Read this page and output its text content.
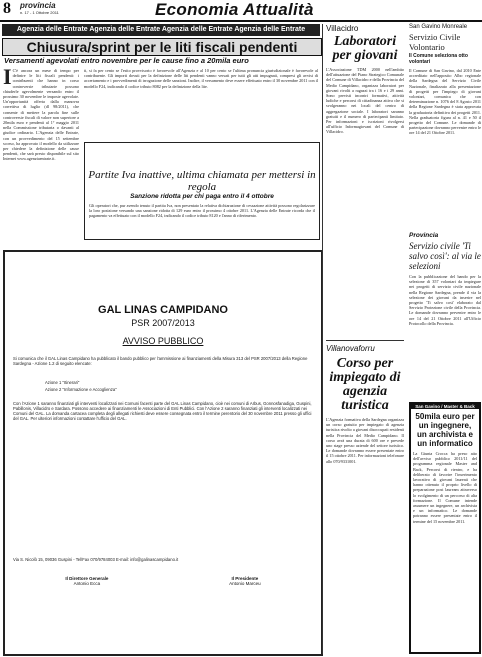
8 provincia
n. 17 - 1 Ottobre 2011	Economia Attualità
Agenzia delle Entrate Agenzia delle Entrate Agenzia delle Entrate Agenzia delle Entrate
Chiusura/sprint per le liti fiscali pendenti
Versamenti agevolati entro novembre per le cause fino a 20mila euro
I C'è ancora un mese di tempo per definire le liti fiscali pendenti: i contribuenti che hanno in corso controversie tributarie possono chiuderle agevolmente versando entro il prossimo 30 novembre le imposte agevolate. Un'opportunità offerta dalla manovra correttiva di luglio (dl 98/2011), che consente di mettere la parola fine sulle controversie fiscali di valore non superiore a 20mila euro e pendenti al 1° maggio 2011 nella Commissione tributaria o davanti al giudice ordinario. L'Agenzia delle Entrate, con un provvedimento del 15 settembre scorso, ha approvato il modello da utilizzare per chiedere la definizione delle cause pendenti, che sarà presto disponibile sul sito Internet www.agenziaentrate.it.
ti, si fa per cento se l'esito provvisorio è favorevole all'Agenzia e al 10 per cento se l'ultima pronuncia giurisdizionale è favorevole al contribuente. Gli importi dovuti per la definizione delle liti pendenti vanno versati per tutti gli atti impugnati, compresi gli avvisi di accertamento e i provvedimenti di irrogazione delle sanzioni. Inoltre, il versamento deve essere effettuato entro il 30 novembre 2011 con il modello F24, indicando il codice tributo 8082 per la definizione della lite.
Partite Iva inattive, ultima chiamata per mettersi in regola
Sanzione ridotta per chi paga entro il 4 ottobre
Gli operatori che, pur avendo tenuto il partita Iva, non presentato la relativa dichiarazione di cessazione attività possono regolarizzare la loro posizione versando una sanzione ridotta di 129 euro entro il prossimo 4 ottobre 2011. L'Agenzia delle Entrate ricorda che il pagamento va effettuato con il modello F24, indicando il codice tributo 8120 e l'anno di riferimento.
GAL LINAS CAMPIDANO
PSR 2007/2013
AVVISO PUBBLICO
Si comunica che il GAL Linas Campidano ha pubblicato il bando pubblico per l'ammissione ai finanziamenti della Misura 313 del PSR 2007/2013 della Regione Sardegna - Azione 1.2 di seguito elencate:
Azione 1 "Itinerari"
Azione 2 "Informazione e Accoglienza"
Con l'Azione 1 saranno finanziati gli interventi localizzati nei Comuni facenti parte del GAL Linas Campidano, cioè nei comuni di Arbus, Gonnosfanadiga, Guspini, Pabillonis, Villacidro e Sardara. Possono accedere ai finanziamenti le Associazioni di Enti Pubblici. Con l'Azione 2 saranno finanziati gli interventi localizzati nei Comuni del GAL. La domanda cartacea completa degli allegati richiesti deve essere consegnata entro il termine perentorio del 30 novembre 2011 presso gli uffici del GAL. Per ulteriori informazioni contattare l'ufficio del GAL.
Via S. Nicolò 15, 09036 Guspini - Tel/Fax 070/9784003 E-mail: info@galinascampidano.it
Il Direttore Generale
Antonio Ecca
Il Presidente
Antonio Marceu
Villacidro
Laboratori per giovani
L'Associazione TDM 2000 nell'ambito dell'attuazione del Piano Strategico Comunale del Comune di Villacidro e della Provincia del Medio Campidano, organizza laboratori per giovani rivolti a ragazzi tra i 16 e i 29 anni. Sono previsti incontri formativi, attività ludiche e percorsi di cittadinanza attiva che si svolgeranno nei locali del centro di aggregazione sociale. I laboratori saranno gratuiti e il numero di partecipanti limitato. Per informazioni e iscrizioni rivolgersi all'ufficio Informagiovani del Comune di Villacidro.
Villanovaforru
Corso per impiegato di agenzia turistica
L'Agenzia formativa della Sardegna organizza un corso gratuito per impiegato di agenzia turistica rivolto a giovani disoccupati residenti nella Provincia del Medio Campidano. Il corso avrà una durata di 600 ore e prevede uno stage presso aziende del settore turistico. Le domande dovranno essere presentate entro il 15 ottobre 2011. Per informazioni telefonare allo 070/9331001.
San Gavino Monreale
Servizio Civile Volontario
Il Comune seleziona otto volontari
Il Comune di San Gavino, dal 2010 Ente accreditato nell'apposito Albo regionale della Sardegna del Servizio Civile Nazionale, finalizzato alla presentazione di progetti per l'impiego di giovani volontari, comunica che con determinazione n. 1076 del 8 Agosto 2011 della Regione Sardegna è stata approvata la graduatoria definitiva dei progetti 2011. Nella graduatoria figura al n. 41 e 50 il progetto del Comune. Le domande di partecipazione dovranno pervenire entro le ore 14 del 21 Ottobre 2011.
Provincia
Servizio civile 'Ti salvo così': al via le selezioni
Con la pubblicazione del bando per la selezione di 357 volontari da impiegare nei progetti di servizio civile nazionale nella Regione Sardegna, prende il via la selezione dei giovani da inserire nel progetto 'Ti salvo così' elaborato dal Servizio Protezione civile della Provincia. Le domande dovranno pervenire entro le ore 14 del 21 Ottobre 2011 all'Ufficio Protocollo della Provincia.
San Gavino / Master & Back
50mila euro per un ingegnere, un archivista e un informatico
La Giunta Crocca ha preso atto dell'avviso pubblico 2011/11 del programma regionale Master and Back, Percorsi di rientro, e ha deliberato di favorire l'inserimento lavorativo di giovani laureati che hanno ottenuto il proprio livello di preparazione post lauream attraverso lo svolgimento di un percorso di alta formazione. Il Comune intende assumere un ingegnere, un archivista e un informatico. Le domande potranno essere presentate entro il termine del 15 novembre 2011.
